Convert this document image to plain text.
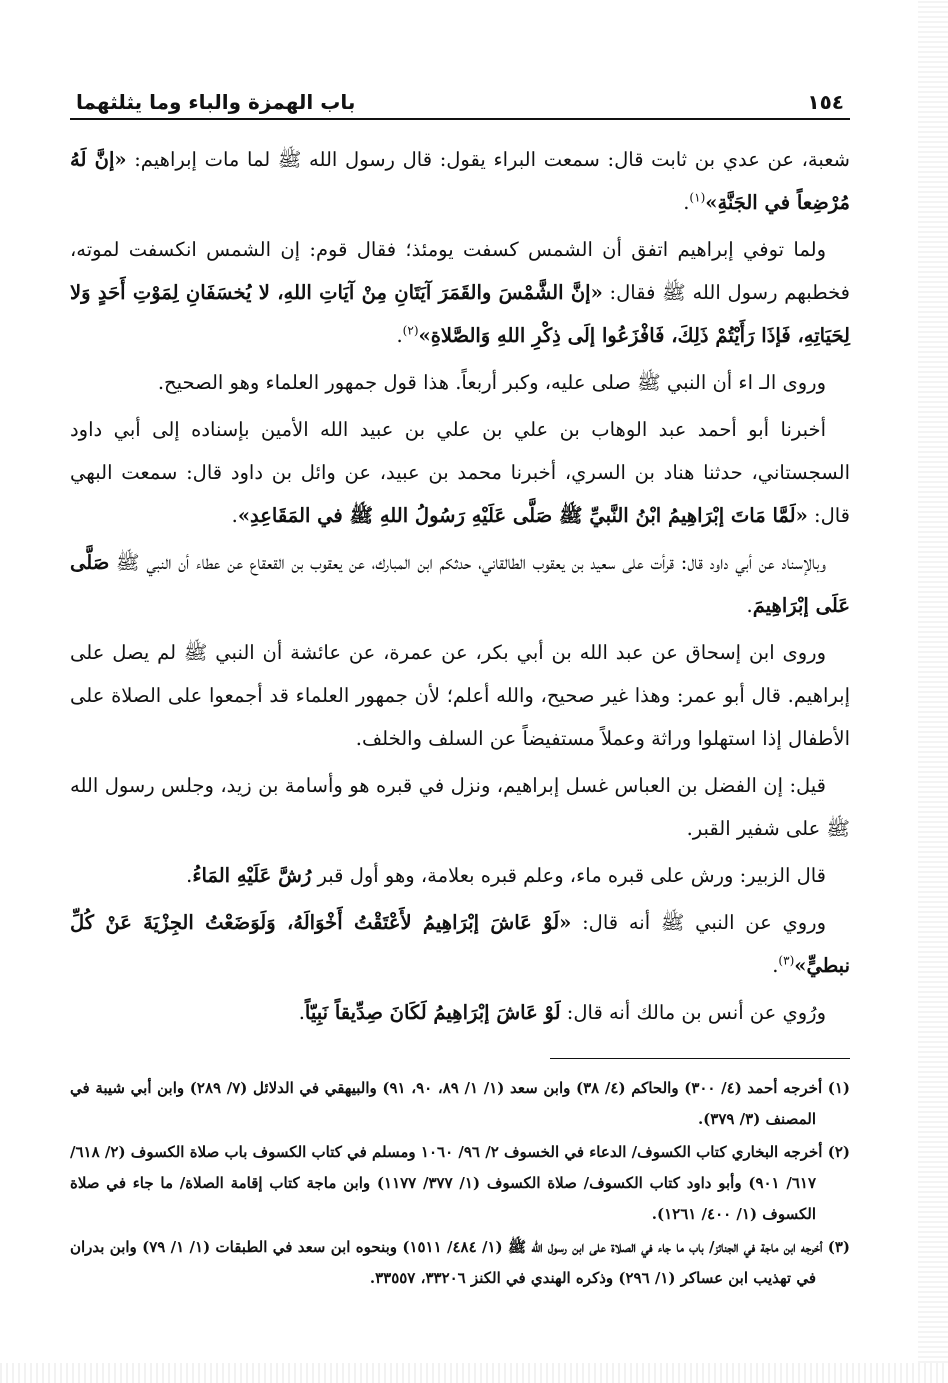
١٥٤
باب الهمزة والباء وما يثلثهما

شعبة، عن عدي بن ثابت قال: سمعت البراء يقول: قال رسول الله ﷺ لما مات إبراهيم: «إنَّ لَهُ مُرْضِعاً في الجَنَّةِ»$^{(١)}$.

ولما توفي إبراهيم اتفق أن الشمس كسفت يومئذ؛ فقال قوم: إن الشمس انكسفت لموته، فخطبهم رسول الله ﷺ فقال: «إنَّ الشَّمْسَ والقَمَرَ آيَتَانِ مِنْ آيَاتِ اللهِ، لا يُخسَفَانِ لِمَوْتِ أَحَدٍ وَلا لِحَيَاتِهِ، فَإذَا رَأَيْتُمْ ذَلِكَ، فَافْزَعُوا إلَى ذِكْرِ اللهِ وَالصَّلاةِ»$^{(٢)}$.

وروى الـ اء أن النبي ﷺ صلى عليه، وكبر أربعاً. هذا قول جمهور العلماء وهو الصحيح.

أخبرنا أبو أحمد عبد الوهاب بن علي بن علي بن عبيد الله الأمين بإسناده إلى أبي داود السجستاني، حدثنا هناد بن السري، أخبرنا محمد بن عبيد، عن وائل بن داود قال: سمعت البهي قال: «لَمَّا مَاتَ إبْرَاهِيمُ ابْنُ النَّبيِّ ﷺ صَلَّى عَلَيْهِ رَسُولُ اللهِ ﷺ في المَقَاعِدِ».

وبالإسناد عن أبي داود قال: قرأت على سعيد بن يعقوب الطالقاني، حدثكم ابن المبارك، عن يعقوب بن القعقاع عن عطاء أن النبي ﷺ صَلَّى عَلَى إبْرَاهِيمَ.

وروى ابن إسحاق عن عبد الله بن أبي بكر، عن عمرة، عن عائشة أن النبي ﷺ لم يصل على إبراهيم. قال أبو عمر: وهذا غير صحيح، والله أعلم؛ لأن جمهور العلماء قد أجمعوا على الصلاة على الأطفال إذا استهلوا وراثة وعملاً مستفيضاً عن السلف والخلف.

قيل: إن الفضل بن العباس غسل إبراهيم، ونزل في قبره هو وأسامة بن زيد، وجلس رسول الله ﷺ على شفير القبر.

قال الزبير: ورش على قبره ماء، وعلم قبره بعلامة، وهو أول قبر رُشَّ عَلَيْهِ المَاءُ.

وروي عن النبي ﷺ أنه قال: «لَوْ عَاشَ إبْرَاهِيمُ لأَعْتَقْتُ أَخْوَالَهُ، وَلَوَضَعْتُ الجِزْيَةَ عَنْ كُلِّ نبطيٍّ»$^{(٣)}$.

ورُوي عن أنس بن مالك أنه قال: لَوْ عَاشَ إبْرَاهِيمُ لَكَانَ صِدِّيقاً نَبِيّاً.

(١) أخرجه أحمد (٤/ ٣٠٠) والحاكم (٤/ ٣٨) وابن سعد (١/ ١/ ٨٩، ٩٠، ٩١) والبيهقي في الدلائل (٧/ ٢٨٩) وابن أبي شيبة في المصنف (٣/ ٣٧٩).

(٢) أخرجه البخاري كتاب الكسوف/ الدعاء في الخسوف ٢/ ٩٦/ ١٠٦٠ ومسلم في كتاب الكسوف باب صلاة الكسوف (٢/ ٦١٨/ ٦١٧/ ٩٠١) وأبو داود كتاب الكسوف/ صلاة الكسوف (١/ ٣٧٧/ ١١٧٧) وابن ماجة كتاب إقامة الصلاة/ ما جاء في صلاة الكسوف (١/ ٤٠٠/ ١٢٦١).

(٣) أخرجه ابن ماجة في الجنائز/ باب ما جاء في الصلاة على ابن رسول الله ﷺ (١/ ٤٨٤/ ١٥١١) وبنحوه ابن سعد في الطبقات (١/ ١/ ٧٩) وابن بدران في تهذيب ابن عساكر (١/ ٢٩٦) وذكره الهندي في الكنز ٣٣٢٠٦، ٣٣٥٥٧.
